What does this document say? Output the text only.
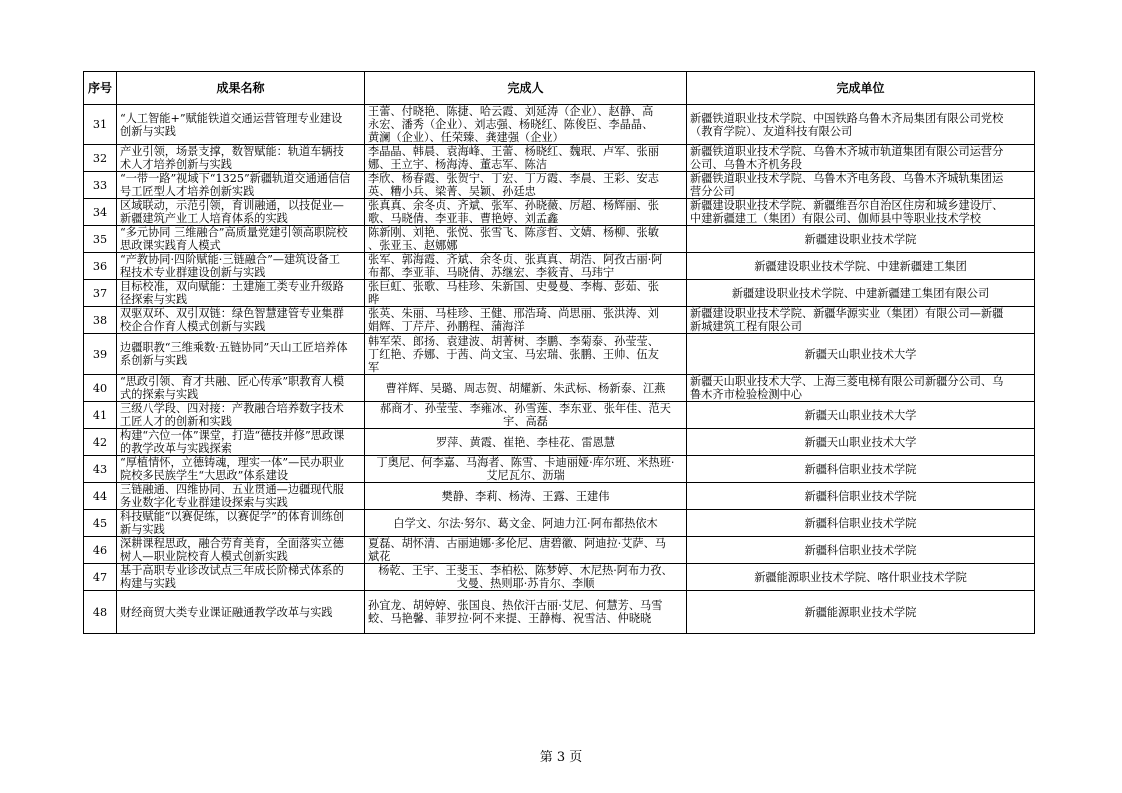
序号	成果名称	完成人	完成单位

31	“人工智能+”赋能铁道交通运营管理专业建设
创新与实践	王蕾、付晓艳、陈捷、哈云霞、刘延涛（企业）、赵静、高
永宏、潘秀（企业）、刘志强、杨晓红、陈俊臣、李晶晶、
黄澜（企业）、任荣臻、龚建强（企业）	新疆铁道职业技术学院、中国铁路乌鲁木齐局集团有限公司党校
（教育学院）、友道科技有限公司

32	产业引领，场景支撑，数智赋能：轨道车辆技
术人才培养创新与实践	李晶晶、韩晨、袁海峰、王蕾、杨晓红、魏珉、卢军、张丽
娜、王立宇、杨海涛、董志军、陈洁	新疆铁道职业技术学院、乌鲁木齐城市轨道集团有限公司运营分
公司、乌鲁木齐机务段

33	“一带一路”视域下“1325”新疆轨道交通通信信
号工匠型人才培养创新实践	李欣、杨春霞、张贺宁、丁宏、丁万霞、李晨、王彩、安志
英、糟小兵、梁菁、吴颖、孙廷忠	新疆铁道职业技术学院、乌鲁木齐电务段、乌鲁木齐城轨集团运
营分公司

34	区域联动，示范引领，育训融通，以技促业—
新疆建筑产业工人培育体系的实践	张真真、余冬贞、齐斌、张军、孙晓薇、厉超、杨辉丽、张
歌、马晓倩、李亚菲、曹艳婷、刘孟鑫	新疆建设职业技术学院、新疆维吾尔自治区住房和城乡建设厅、
中建新疆建工（集团）有限公司、伽师县中等职业技术学校

35	“多元协同 三维融合”高质量党建引领高职院校
思政课实践育人模式	陈新刚、刘艳、张悦、张雪飞、陈彦哲、文婧、杨柳、张敏
、张亚玉、赵娜娜	新疆建设职业技术学院

36	“产教协同·四阶赋能·三链融合”—建筑设备工
程技术专业群建设创新与实践	张军、郭海霞、齐斌、余冬贞、张真真、胡浩、阿孜古丽·阿
布都、李亚菲、马晓倩、苏继宏、李筱青、马玮宁	新疆建设职业技术学院、中建新疆建工集团

37	目标校准，双向赋能：土建施工类专业升级路
径探索与实践	张巨虹、张歌、马桂珍、朱新国、史曼曼、李梅、彭茹、张
晔	新疆建设职业技术学院、中建新疆建工集团有限公司

38	双驱双环、双引双链：绿色智慧建管专业集群
校企合作育人模式创新与实践	张英、朱丽、马桂珍、王健、邢浩琦、尚思丽、张洪涛、刘
娟辉、丁芹芹、孙鹏程、蒲海洋	新疆建设职业技术学院、新疆华源实业（集团）有限公司—新疆
新城建筑工程有限公司

39	边疆职教“三维乘数·五链协同”天山工匠培养体
系创新与实践	韩军荣、郎扬、袁建波、胡菁树、李鹏、李菊泰、孙莹莹、
丁红艳、乔娜、于茜、尚文宝、马宏瑞、张鹏、王帅、伍友
军	新疆天山职业技术大学

40	“思政引领、育才共融、匠心传承”职教育人模
式的探索与实践	曹祥辉、吴璐、周志贺、胡耀新、朱武标、杨新泰、江燕	新疆天山职业技术大学、上海三菱电梯有限公司新疆分公司、乌
鲁木齐市检验检测中心

41	三级八学段、四对接：产教融合培养数字技术
工匠人才的创新和实践	郝商才、孙莹莹、李雍冰、孙雪莲、李东亚、张年佳、范天
宇、高磊	新疆天山职业技术大学

42	构建“六位一体”课堂，打造“德技并修”思政课
的教学改革与实践探索	罗萍、黄霞、崔艳、李桂花、雷恩慧	新疆天山职业技术大学

43	“厚植情怀，立德铸魂，理实一体”—民办职业
院校多民族学生“大思政”体系建设	丁奥尼、何李嘉、马海者、陈雪、卡迪丽娅·库尔班、米热班·
艾尼瓦尔、沥瑞	新疆科信职业技术学院

44	三链融通、四维协同、五业贯通—边疆现代服
务业数字化专业群建设探索与实践	樊静、李莉、杨涛、王露、王建伟	新疆科信职业技术学院

45	科技赋能“以赛促练，以赛促学”的体育训练创
新与实践	白学文、尔法·努尔、葛文金、阿迪力江·阿布都热依木	新疆科信职业技术学院

46	深耕课程思政，融合劳育美育，全面落实立德
树人—职业院校育人模式创新实践	夏磊、胡怀清、古丽迪娜·多伦尼、唐碧徽、阿迪拉·艾萨、马
斌花	新疆科信职业技术学院

47	基于高职专业诊改试点三年成长阶梯式体系的
构建与实践	杨乾、王宇、王斐玉、李柏松、陈梦婷、木尼热·阿布力孜、
戈曼、热则耶·苏肯尔、李顺	新疆能源职业技术学院、喀什职业技术学院

48	财经商贸大类专业课证融通教学改革与实践	孙宜龙、胡婷婷、张国良、热依汗古丽·艾尼、何慧芳、马雪
蛟、马艳馨、菲罗拉·阿不来提、王静梅、祝雪洁、仲晓晓	新疆能源职业技术学院
第 3 页
